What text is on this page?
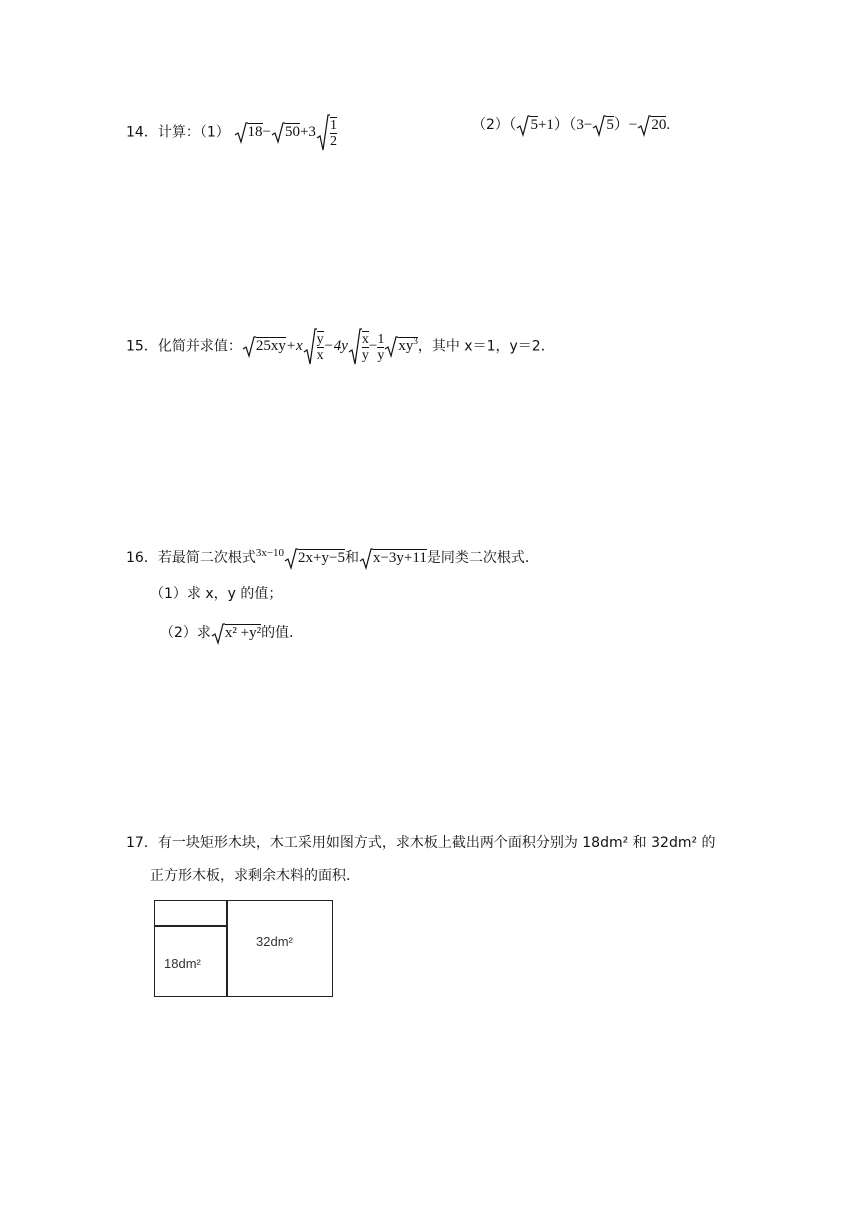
14．计算：（1） $18- 50+3 \frac{1}{2}$	（2）（ 5+1）（3− 5）− 20.
15．化简并求值： $25xy+x \frac{y}{x} -4y \frac{x}{y} - \frac{1}{y} xy^3$，其中 x＝1，y＝2．
16．若最简二次根式$^{3x-10}$ 2x+y−5和 x−3y+11是同类二次根式．
（1）求 x，y 的值；
（2）求 x² +y²的值．
17．有一块矩形木块，木工采用如图方式，求木板上截出两个面积分别为 18dm² 和 32dm² 的
正方形木板，求剩余木料的面积．
18dm²
32dm²
